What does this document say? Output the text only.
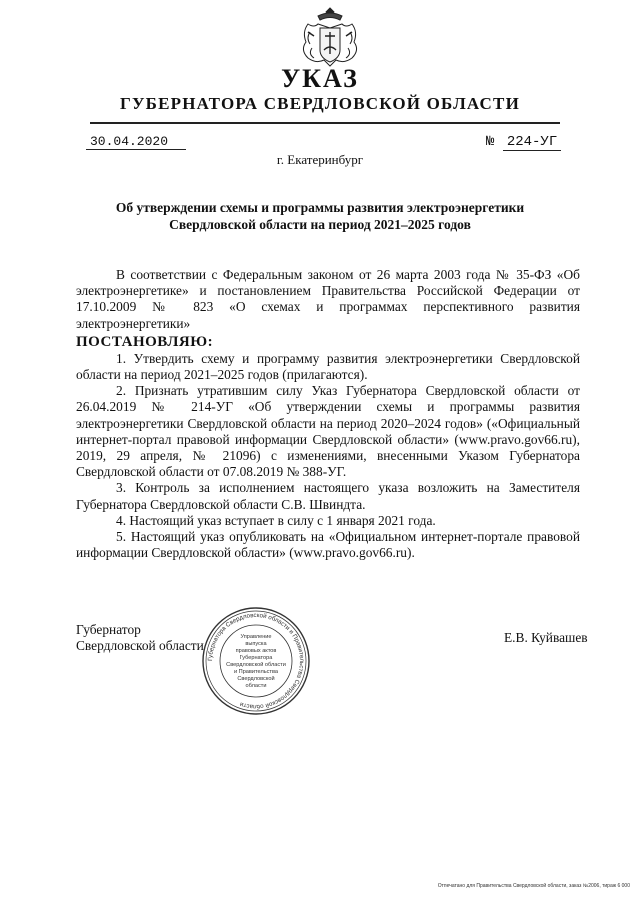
УКАЗ
ГУБЕРНАТОРА СВЕРДЛОВСКОЙ ОБЛАСТИ
30.04.2020	№ 224-УГ
г. Екатеринбург
Об утверждении схемы и программы развития электроэнергетики
Свердловской области на период 2021–2025 годов

В соответствии с Федеральным законом от 26 марта 2003 года № 35-ФЗ «Об электроэнергетике» и постановлением Правительства Российской Федерации от 17.10.2009 № 823 «О схемах и программах перспективного развития электроэнергетики»

ПОСТАНОВЛЯЮ:

1. Утвердить схему и программу развития электроэнергетики Свердловской области на период 2021–2025 годов (прилагаются).

2. Признать утратившим силу Указ Губернатора Свердловской области от 26.04.2019 № 214-УГ «Об утверждении схемы и программы развития электроэнергетики Свердловской области на период 2020–2024 годов» («Официальный интернет-портал правовой информации Свердловской области» (www.pravo.gov66.ru), 2019, 29 апреля, № 21096) с изменениями, внесенными Указом Губернатора Свердловской области от 07.08.2019 № 388-УГ.

3. Контроль за исполнением настоящего указа возложить на Заместителя Губернатора Свердловской области С.В. Швиндта.

4. Настоящий указ вступает в силу с 1 января 2021 года.

5. Настоящий указ опубликовать на «Официальном интернет-портале правовой информации Свердловской области» (www.pravo.gov66.ru).

Губернатор
Свердловской области
Е.В. Куйвашев
Губернатора Свердловской области и Правительства Свердловской области
Управление
выпуска
правовых актов
Губернатора
Свердловской области
и Правительства
Свердловской
области
Отпечатано для Правительства Свердловской области, заказ №2006, тираж 6 000
